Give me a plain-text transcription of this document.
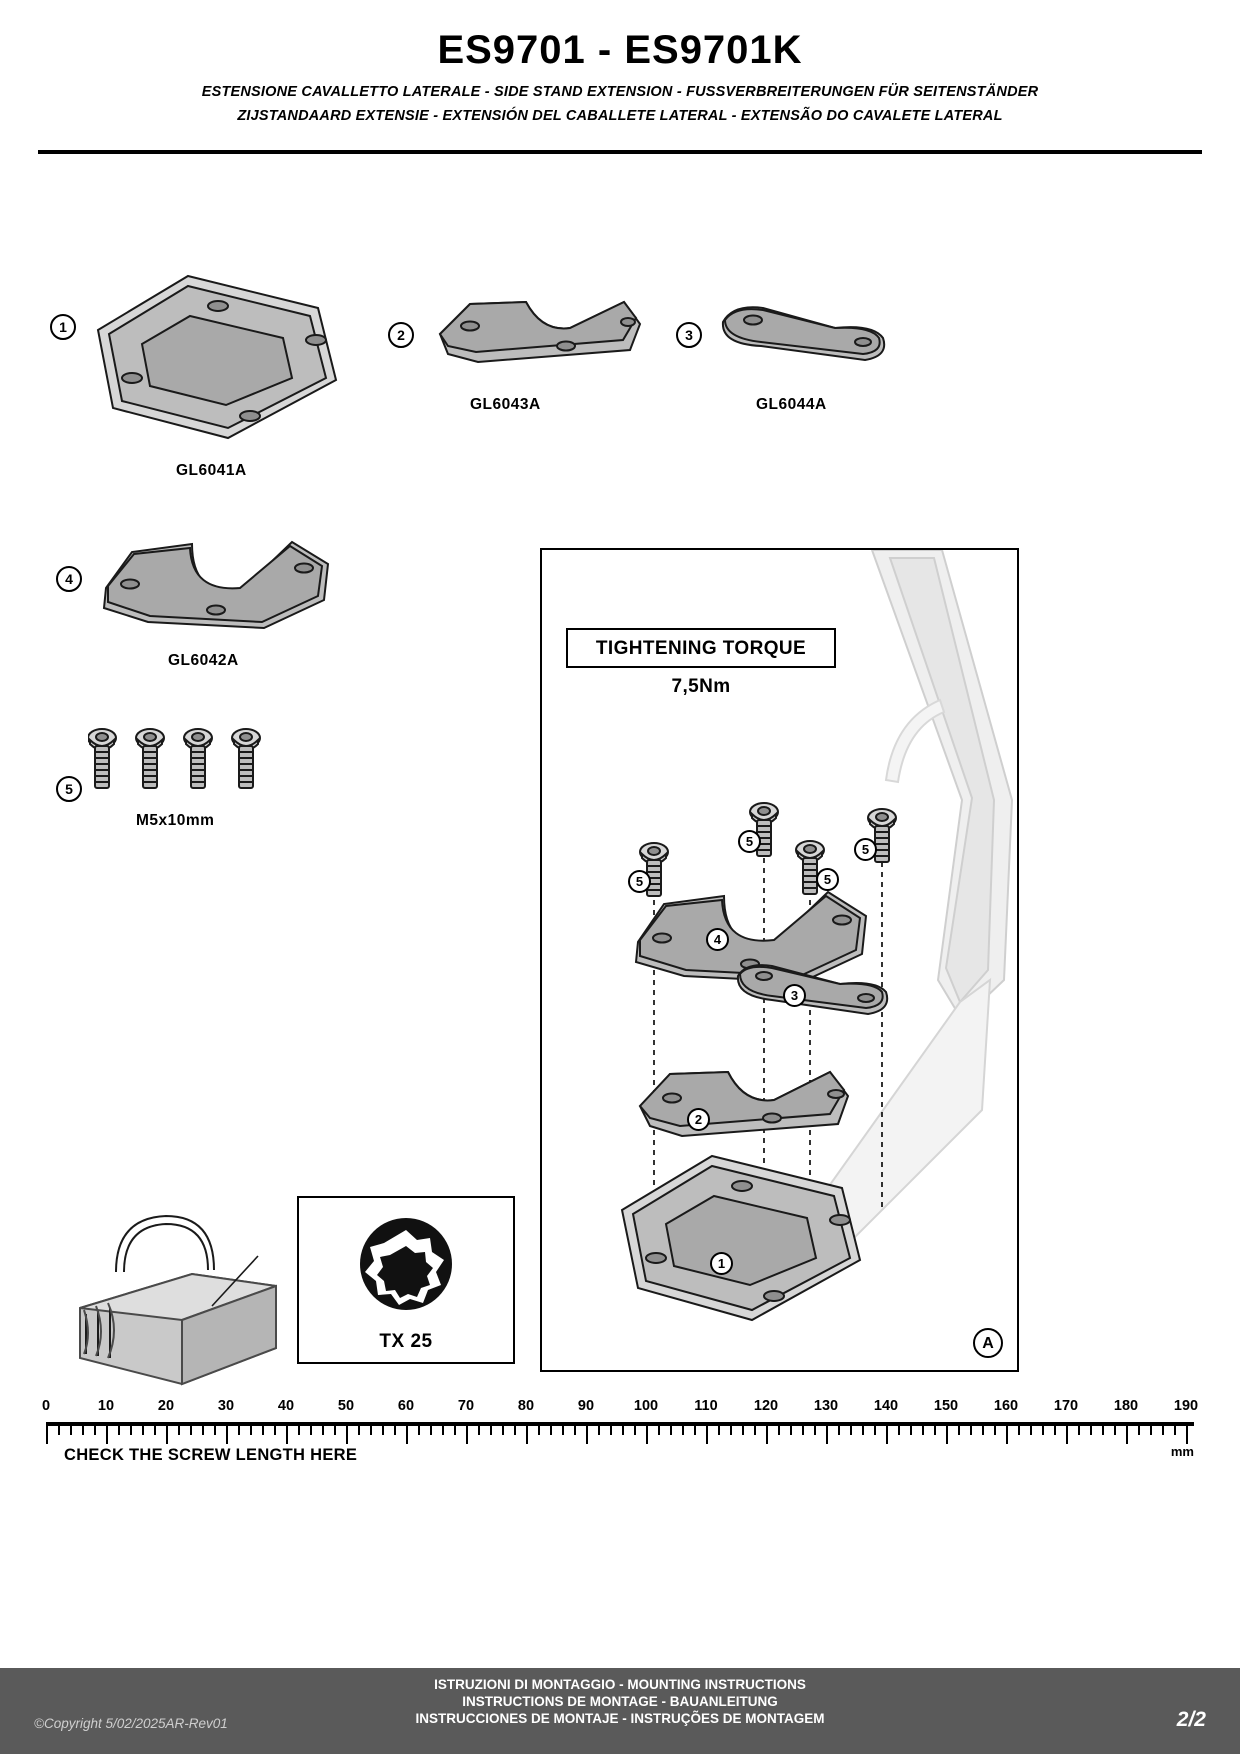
ES9701 - ES9701K
ESTENSIONE CAVALLETTO LATERALE - SIDE STAND EXTENSION - FUSSVERBREITERUNGEN FÜR SEITENSTÄNDER
ZIJSTANDAARD EXTENSIE - EXTENSIÓN DEL CABALLETE LATERAL - EXTENSÃO DO CAVALETE LATERAL
1
GL6041A
2
GL6043A
3
GL6044A
4
GL6042A
5
M5x10mm
TIGHTENING TORQUE 7,5Nm
5
5
5
5
4
3
2
1
A
TX 25
0	10	20	30	40	50	60	70	80	90	100 110 120 130 140 150 160 170 180 190
CHECK THE SCREW LENGTH HERE	mm
ISTRUZIONI DI MONTAGGIO - MOUNTING INSTRUCTIONS
INSTRUCTIONS DE MONTAGE - BAUANLEITUNG
INSTRUCCIONES DE MONTAJE - INSTRUÇÕES DE MONTAGEM
©Copyright 5/02/2025AR-Rev01	2/2
